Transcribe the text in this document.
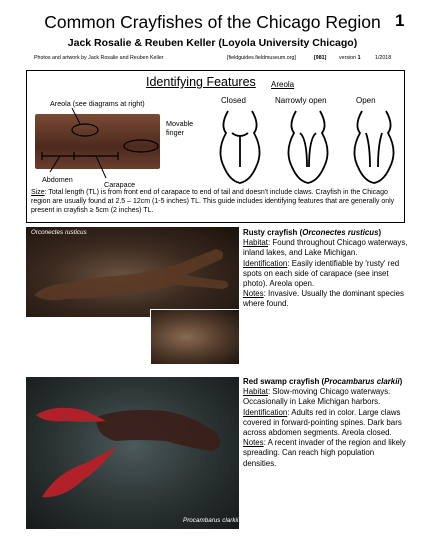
Common Crayfishes of the Chicago Region 1
Jack Rosalie & Reuben Keller (Loyola University Chicago)
Photos and artwork by Jack Rosalie and Reuben Keller	[fieldguides.fieldmuseum.org]	[981] version 1	1/2018
Identifying Features Areola
Areola (see diagrams at right)
Movable finger
Abdomen
Carapace
Closed	Narrowly open	Open
Size: Total length (TL) is from front end of carapace to end of tail and doesn't include claws. Crayfish in the Chicago region are usually found at 2.5 – 12cm (1-5 inches) TL. This guide includes identifying features that are generally only present in crayfish ≥ 5cm (2 inches) TL.
Orconectes rusticus	Rusty crayfish (Orconectes rusticus)
Habitat: Found throughout Chicago waterways, inland lakes, and Lake Michigan.
Identification: Easily identifiable by 'rusty' red spots on each side of carapace (see inset photo). Areola open.
Notes: Invasive. Usually the dominant species where found.
Procambarus clarkii
Red swamp crayfish (Procambarus clarkii)
Habitat: Slow-moving Chicago waterways. Occasionally in Lake Michigan harbors.
Identification: Adults red in color. Large claws covered in forward-pointing spines. Dark bars across abdomen segments. Areola closed.
Notes: A recent invader of the region and likely spreading. Can reach high population densities.
